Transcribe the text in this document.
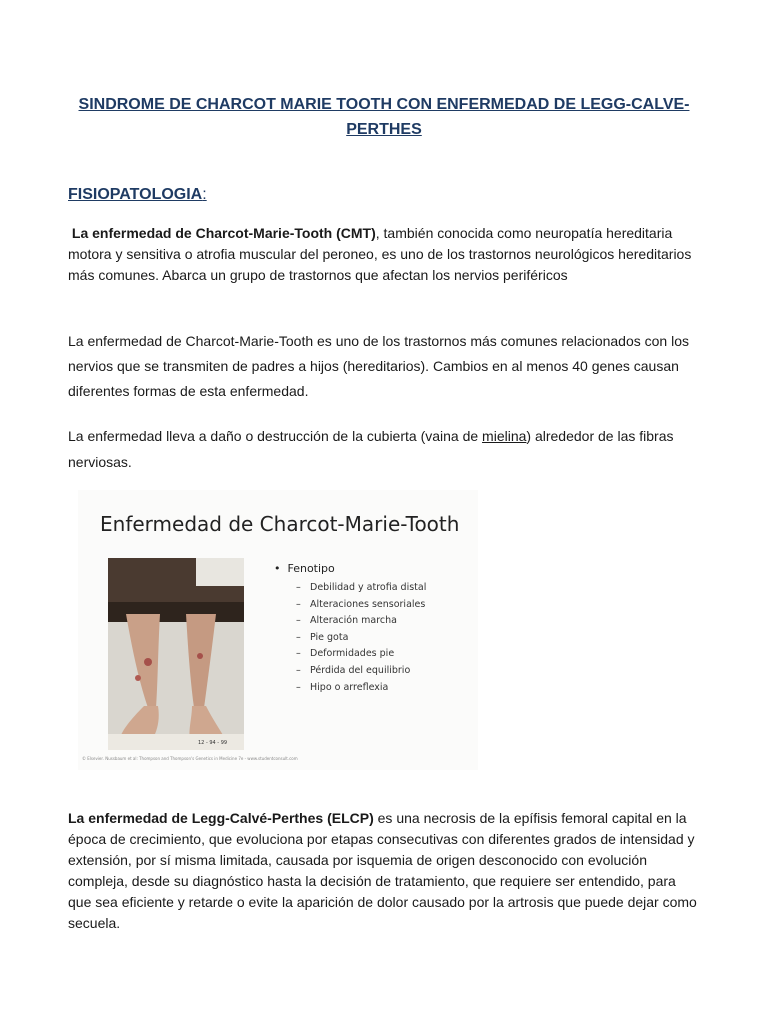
SINDROME DE CHARCOT MARIE TOOTH CON ENFERMEDAD DE LEGG-CALVE-PERTHES
FISIOPATOLOGIA:

La enfermedad de Charcot-Marie-Tooth (CMT), también conocida como neuropatía hereditaria motora y sensitiva o atrofia muscular del peroneo, es uno de los trastornos neurológicos hereditarios más comunes. Abarca un grupo de trastornos que afectan los nervios periféricos

La enfermedad de Charcot-Marie-Tooth es uno de los trastornos más comunes relacionados con los nervios que se transmiten de padres a hijos (hereditarios). Cambios en al menos 40 genes causan diferentes formas de esta enfermedad.

La enfermedad lleva a daño o destrucción de la cubierta (vaina de mielina) alrededor de las fibras nerviosas.

Enfermedad de Charcot-Marie-Tooth
12 - 94 - 99
•  Fenotipo
– Debilidad y atrofia distal
– Alteraciones sensoriales
– Alteración marcha
– Pie gota
– Deformidades pie
– Pérdida del equilibrio
– Hipo o arreflexia
© Elsevier. Nussbaum et al: Thompson and Thompson's Genetics in Medicine 7e - www.studentconsult.com

La enfermedad de Legg-Calvé-Perthes (ELCP) es una necrosis de la epífisis femoral capital en la época de crecimiento, que evoluciona por etapas consecutivas con diferentes grados de intensidad y extensión, por sí misma limitada, causada por isquemia de origen desconocido con evolución compleja, desde su diagnóstico hasta la decisión de tratamiento, que requiere ser entendido, para que sea eficiente y retarde o evite la aparición de dolor causado por la artrosis que puede dejar como secuela.
